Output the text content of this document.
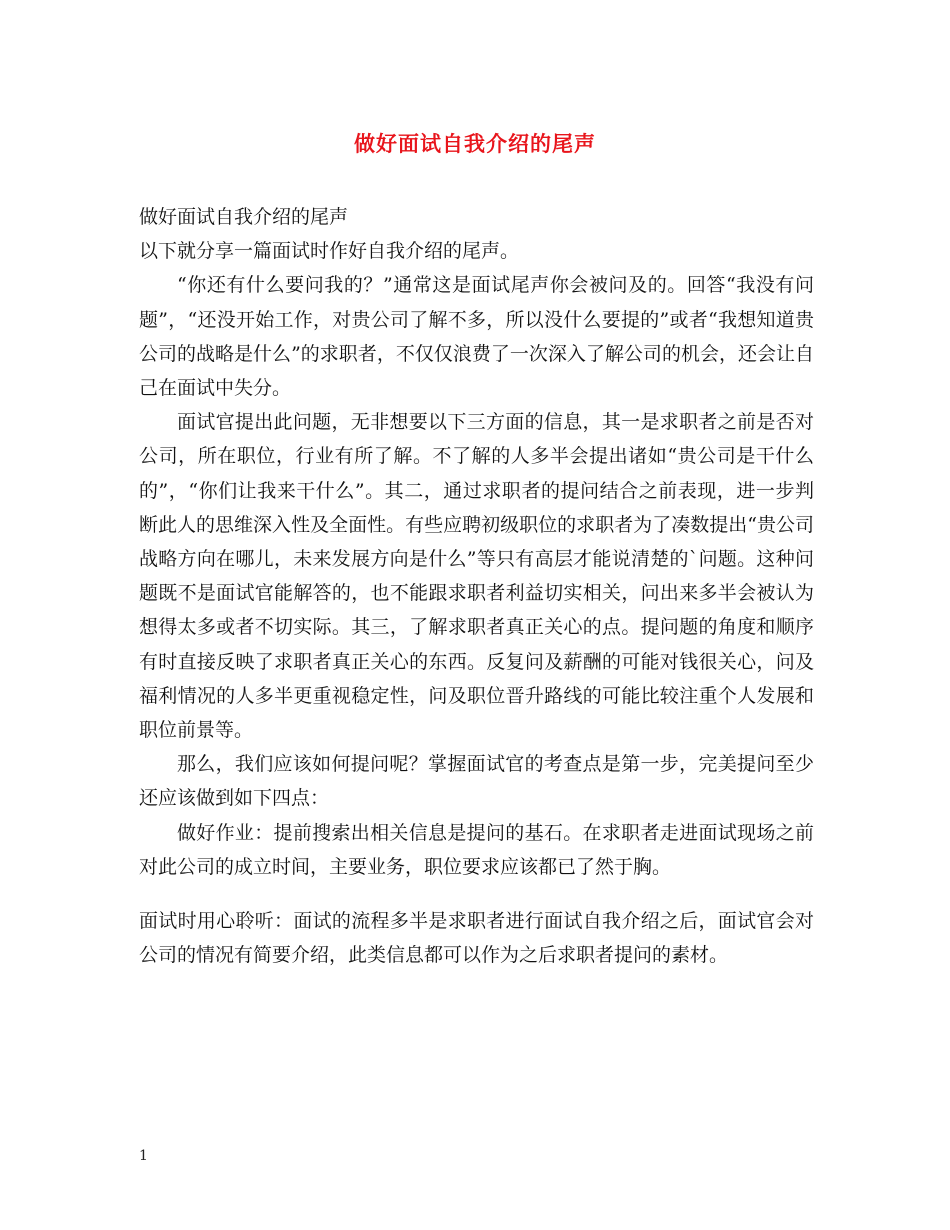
做好面试自我介绍的尾声

做好面试自我介绍的尾声

以下就分享一篇面试时作好自我介绍的尾声。

“你还有什么要问我的？”通常这是面试尾声你会被问及的。回答“我没有问题”，“还没开始工作，对贵公司了解不多，所以没什么要提的”或者“我想知道贵公司的战略是什么”的求职者，不仅仅浪费了一次深入了解公司的机会，还会让自己在面试中失分。

面试官提出此问题，无非想要以下三方面的信息，其一是求职者之前是否对公司，所在职位，行业有所了解。不了解的人多半会提出诸如“贵公司是干什么的”，“你们让我来干什么”。其二，通过求职者的提问结合之前表现，进一步判断此人的思维深入性及全面性。有些应聘初级职位的求职者为了凑数提出“贵公司战略方向在哪儿，未来发展方向是什么”等只有高层才能说清楚的`问题。这种问题既不是面试官能解答的，也不能跟求职者利益切实相关，问出来多半会被认为想得太多或者不切实际。其三，了解求职者真正关心的点。提问题的角度和顺序有时直接反映了求职者真正关心的东西。反复问及薪酬的可能对钱很关心，问及福利情况的人多半更重视稳定性，问及职位晋升路线的可能比较注重个人发展和职位前景等。

那么，我们应该如何提问呢？掌握面试官的考查点是第一步，完美提问至少还应该做到如下四点：

做好作业：提前搜索出相关信息是提问的基石。在求职者走进面试现场之前对此公司的成立时间，主要业务，职位要求应该都已了然于胸。

面试时用心聆听：面试的流程多半是求职者进行面试自我介绍之后，面试官会对公司的情况有简要介绍，此类信息都可以作为之后求职者提问的素材。

1
